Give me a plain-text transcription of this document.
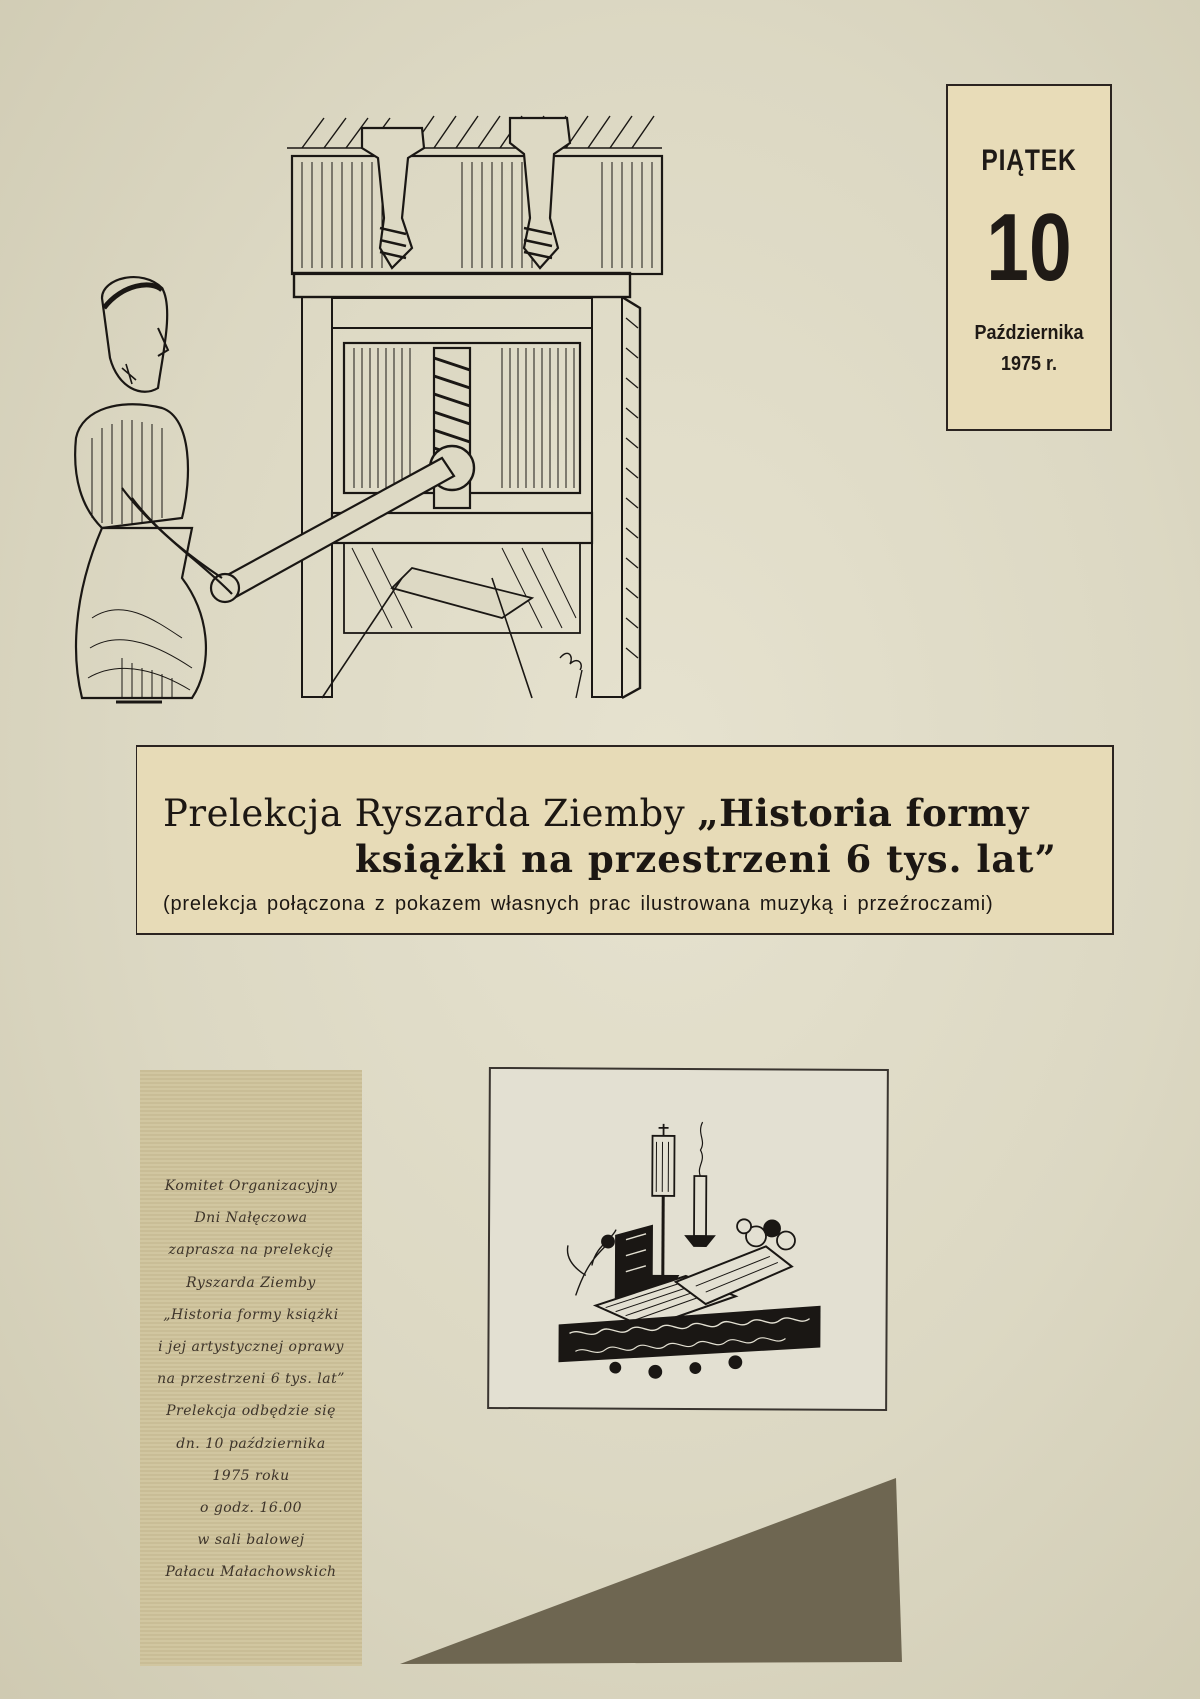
PIĄTEK
10
Października
1975 r.
Prelekcja Ryszarda Ziemby „Historia formy
książki na przestrzeni 6 tys. lat”
(prelekcja połączona z pokazem własnych prac ilustrowana muzyką i przeźroczami)
Komitet Organizacyjny
Dni Nałęczowa
zaprasza na prelekcję
Ryszarda Ziemby
„Historia formy książki
i jej artystycznej oprawy
na przestrzeni 6 tys. lat”
Prelekcja odbędzie się
dn. 10 października
1975 roku
o godz. 16.00
w sali balowej
Pałacu Małachowskich
